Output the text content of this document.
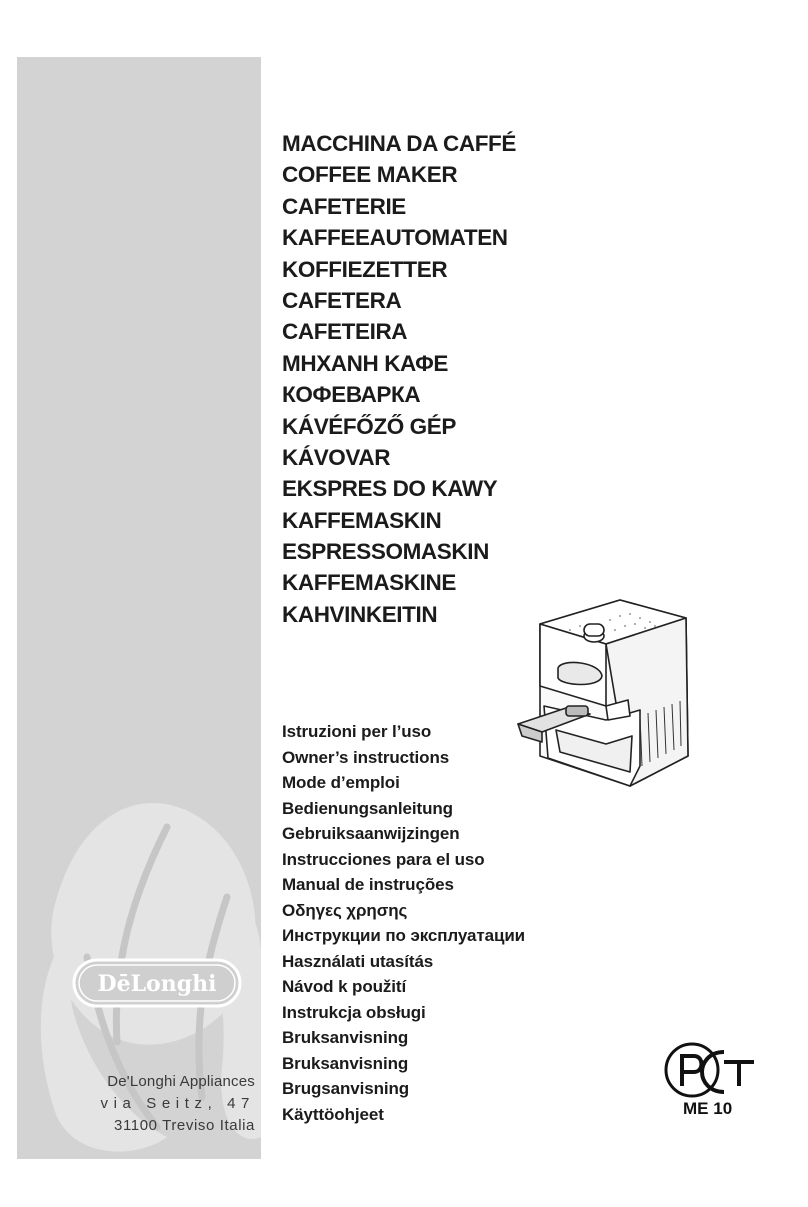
DēLonghi
De'Longhi Appliances
via Seitz, 47
31100 Treviso Italia
MACCHINA DA CAFFÉ
COFFEE MAKER
CAFETERIE
KAFFEEAUTOMATEN
KOFFIEZETTER
CAFETERA
CAFETEIRA
ΜΗΧΑΝΗ ΚΑΦΕ
КОФЕВАРКА
KÁVÉFŐZŐ GÉP
KÁVOVAR
EKSPRES DO KAWY
KAFFEMASKIN
ESPRESSOMASKIN
KAFFEMASKINE
KAHVINKEITIN
Istruzioni per l’uso
Owner’s instructions
Mode d’emploi
Bedienungsanleitung
Gebruiksaanwijzingen
Instrucciones para el uso
Manual de instruções
Οδηγες χρησης
Инструкции по эксплуатации
Használati utasítás
Návod k použití
Instrukcja obsługi
Bruksanvisning
Bruksanvisning
Brugsanvisning
Käyttöohjeet
PCT
ME 10
